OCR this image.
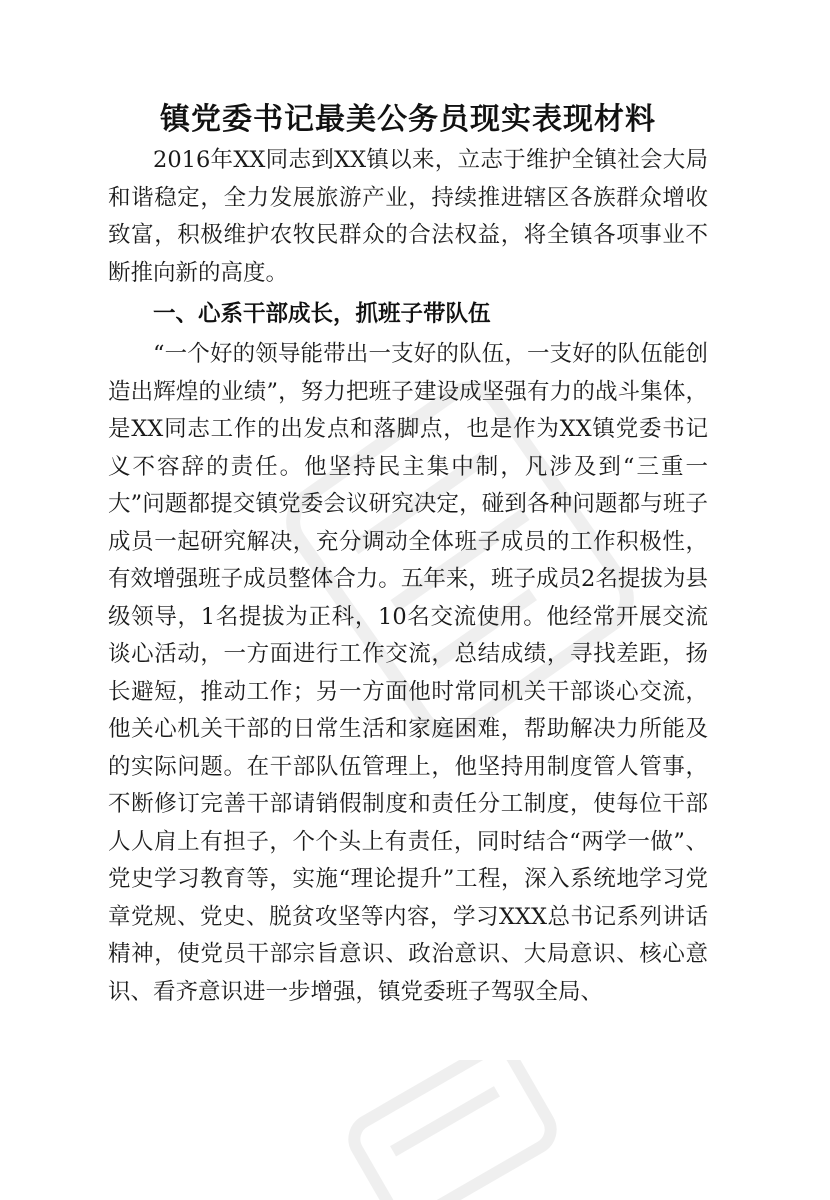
镇党委书记最美公务员现实表现材料

2016年XX同志到XX镇以来，立志于维护全镇社会大局和谐稳定，全力发展旅游产业，持续推进辖区各族群众增收致富，积极维护农牧民群众的合法权益，将全镇各项事业不断推向新的高度。

一、心系干部成长，抓班子带队伍

“一个好的领导能带出一支好的队伍，一支好的队伍能创造出辉煌的业绩”，努力把班子建设成坚强有力的战斗集体，是XX同志工作的出发点和落脚点，也是作为XX镇党委书记义不容辞的责任。他坚持民主集中制，凡涉及到“三重一大”问题都提交镇党委会议研究决定，碰到各种问题都与班子成员一起研究解决，充分调动全体班子成员的工作积极性，有效增强班子成员整体合力。五年来，班子成员2名提拔为县级领导，1名提拔为正科，10名交流使用。他经常开展交流谈心活动，一方面进行工作交流，总结成绩，寻找差距，扬长避短，推动工作；另一方面他时常同机关干部谈心交流，他关心机关干部的日常生活和家庭困难，帮助解决力所能及的实际问题。在干部队伍管理上，他坚持用制度管人管事，不断修订完善干部请销假制度和责任分工制度，使每位干部人人肩上有担子，个个头上有责任，同时结合“两学一做”、党史学习教育等，实施“理论提升”工程，深入系统地学习党章党规、党史、脱贫攻坚等内容，学习XXX总书记系列讲话精神，使党员干部宗旨意识、政治意识、大局意识、核心意识、看齐意识进一步增强，镇党委班子驾驭全局、
